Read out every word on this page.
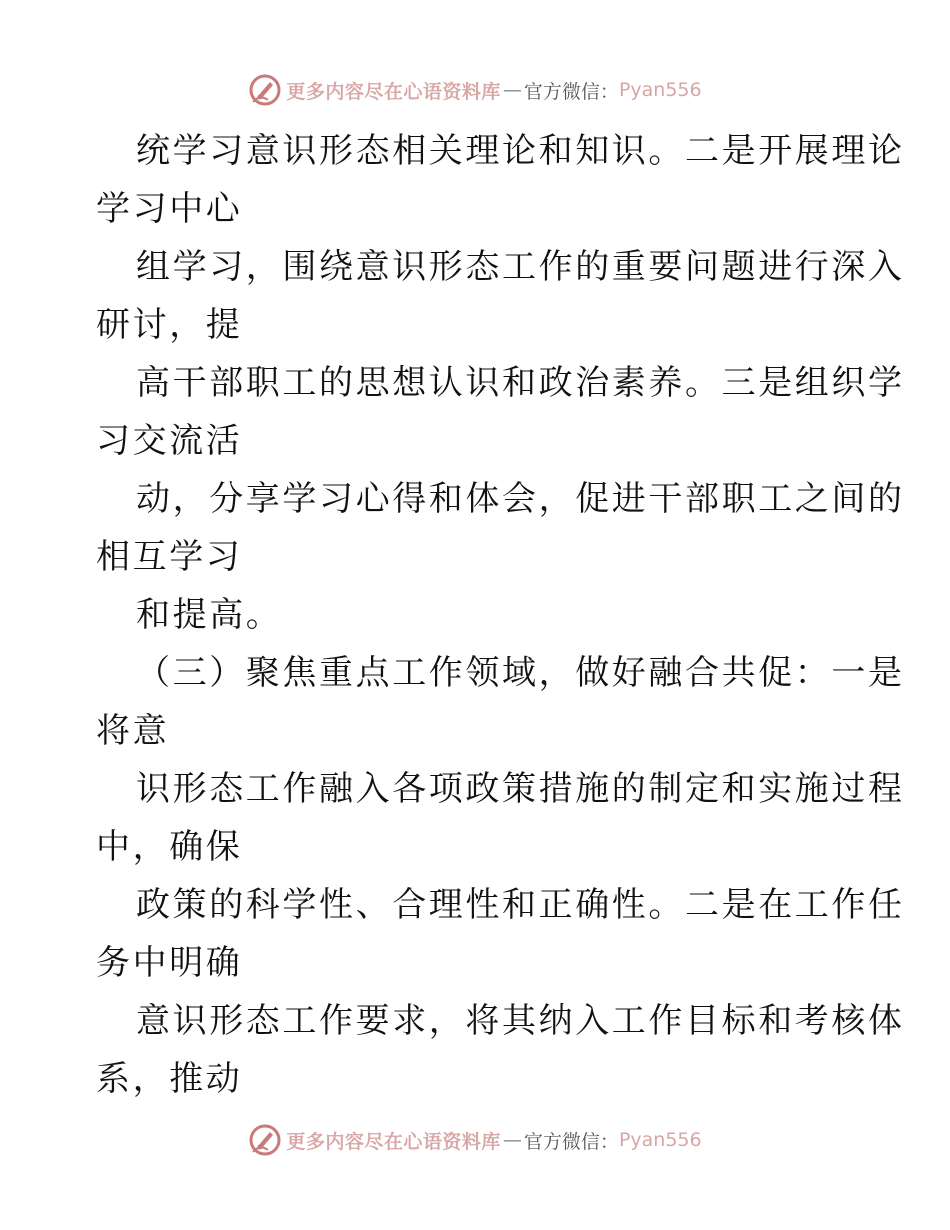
更多内容尽在心语资料库 — 官方微信： Pyan556
统学习意识形态相关理论和知识。二是开展理论
学习中心
组学习，围绕意识形态工作的重要问题进行深入
研讨，提
高干部职工的思想认识和政治素养。三是组织学
习交流活
动，分享学习心得和体会，促进干部职工之间的
相互学习
和提高。
（三）聚焦重点工作领域，做好融合共促：一是
将意
识形态工作融入各项政策措施的制定和实施过程
中，确保
政策的科学性、合理性和正确性。二是在工作任
务中明确
意识形态工作要求，将其纳入工作目标和考核体
系，推动
更多内容尽在心语资料库 — 官方微信： Pyan556
